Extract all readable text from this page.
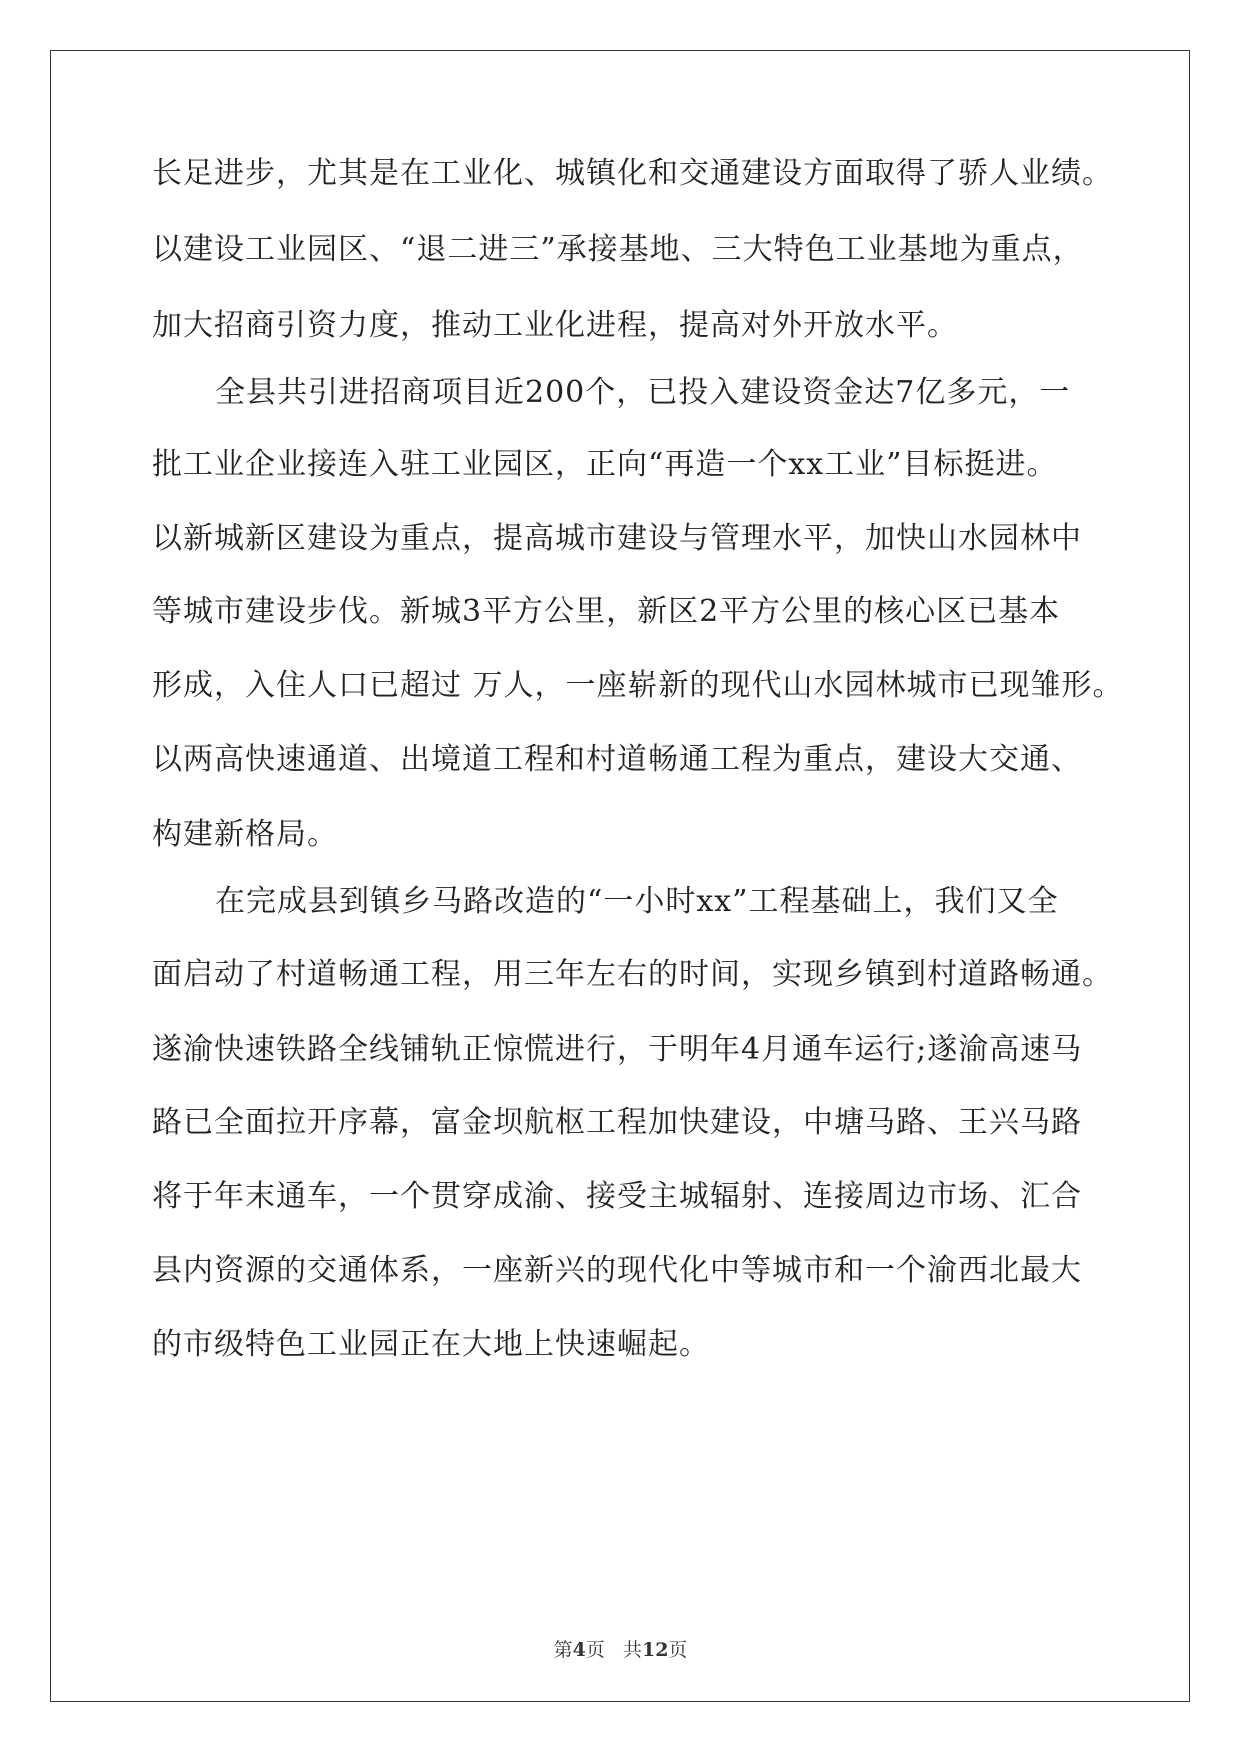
长足进步，尤其是在工业化、城镇化和交通建设方面取得了骄人业绩。

以建设工业园区、“退二进三”承接基地、三大特色工业基地为重点，

加大招商引资力度，推动工业化进程，提高对外开放水平。

全县共引进招商项目近200个，已投入建设资金达7亿多元，一

批工业企业接连入驻工业园区，正向“再造一个xx工业”目标挺进。

以新城新区建设为重点，提高城市建设与管理水平，加快山水园林中

等城市建设步伐。新城3平方公里，新区2平方公里的核心区已基本

形成，入住人口已超过 万人，一座崭新的现代山水园林城市已现雏形。

以两高快速通道、出境道工程和村道畅通工程为重点，建设大交通、

构建新格局。

在完成县到镇乡马路改造的“一小时xx”工程基础上，我们又全

面启动了村道畅通工程，用三年左右的时间，实现乡镇到村道路畅通。

遂渝快速铁路全线铺轨正惊慌进行，于明年4月通车运行;遂渝高速马

路已全面拉开序幕，富金坝航枢工程加快建设，中塘马路、王兴马路

将于年末通车，一个贯穿成渝、接受主城辐射、连接周边市场、汇合

县内资源的交通体系，一座新兴的现代化中等城市和一个渝西北最大

的市级特色工业园正在大地上快速崛起。

第4页 共12页
